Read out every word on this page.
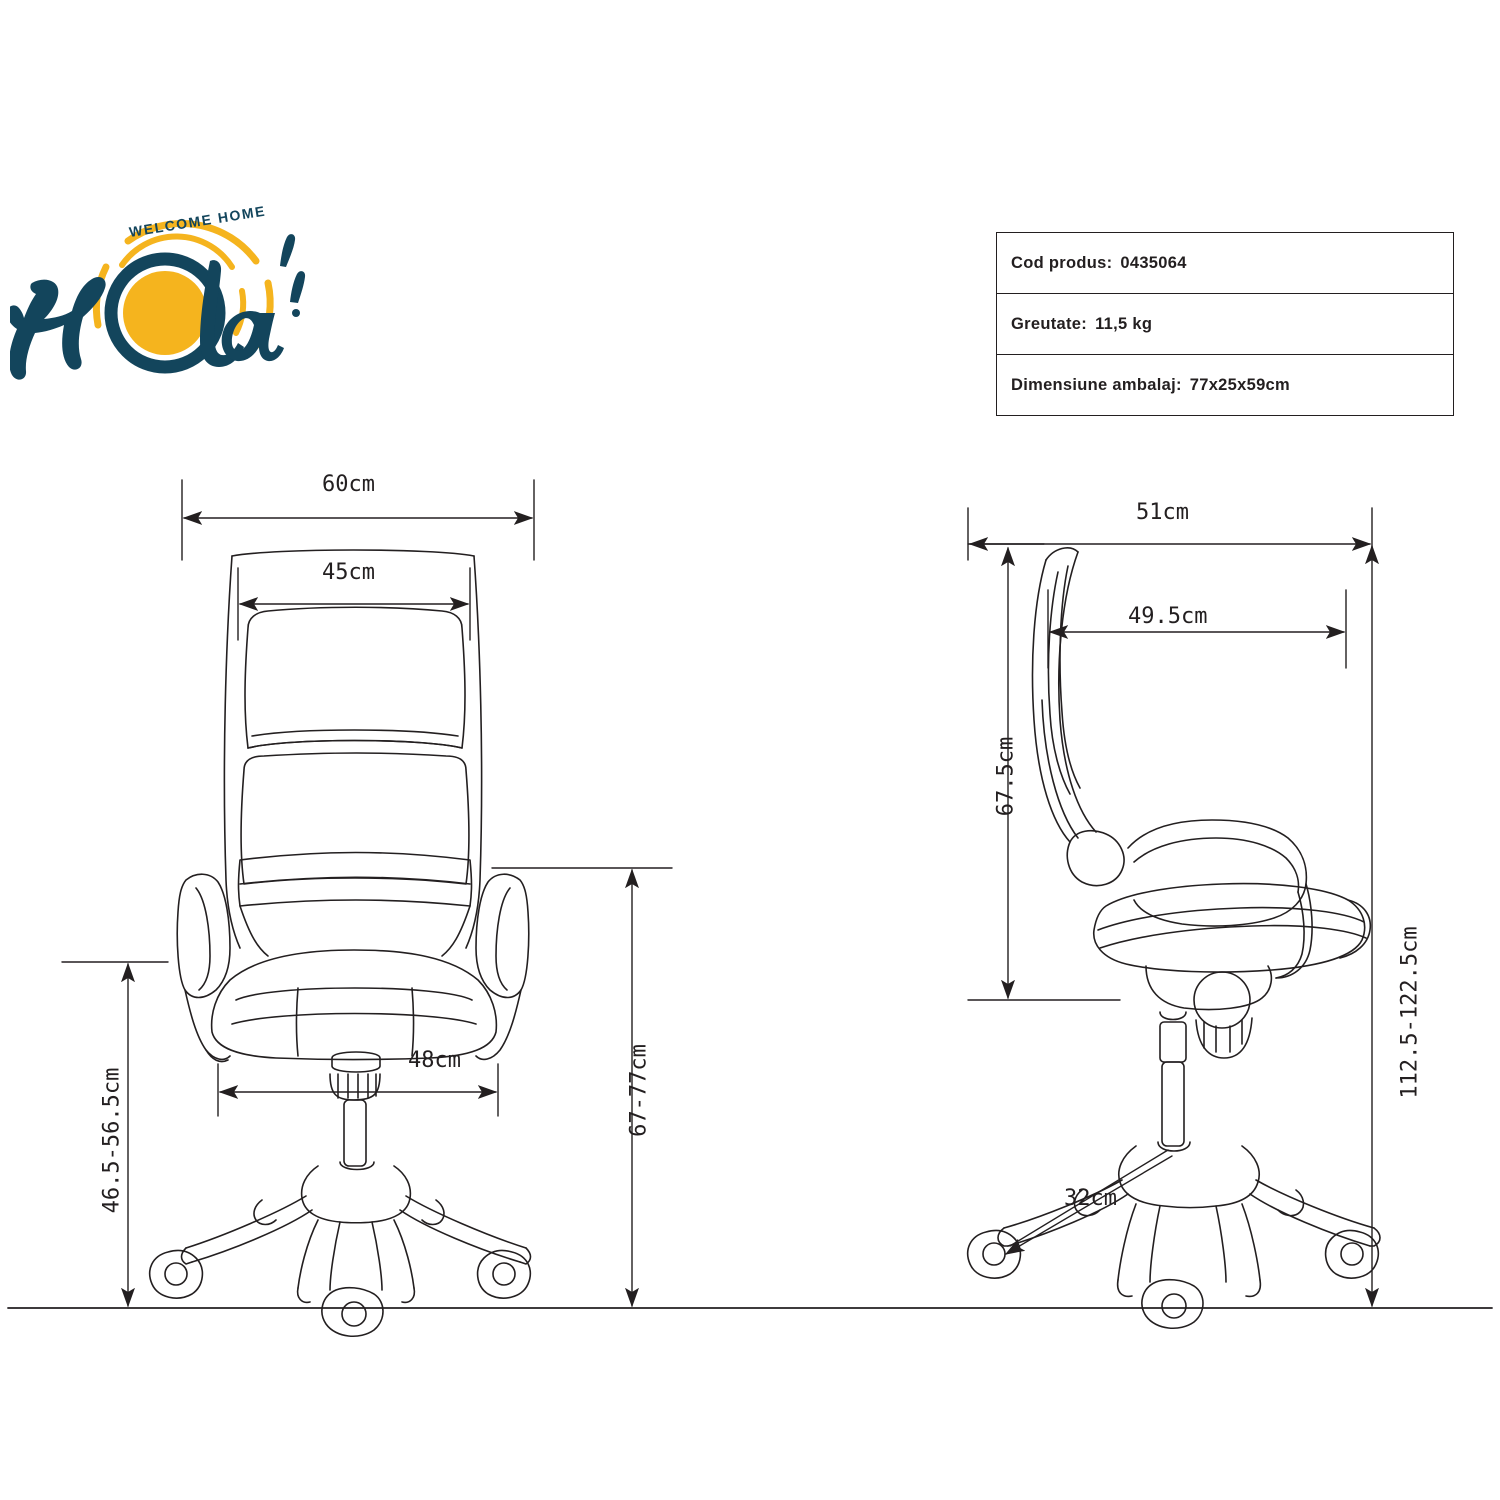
WELCOME HOME
Cod produs: 0435064
Greutate: 11,5 kg
Dimensiune ambalaj: 77x25x59cm
60cm
45cm
48cm
46.5-56.5cm	67-77cm
51cm
49.5cm
67.5cm
112.5-122.5cm
32cm
